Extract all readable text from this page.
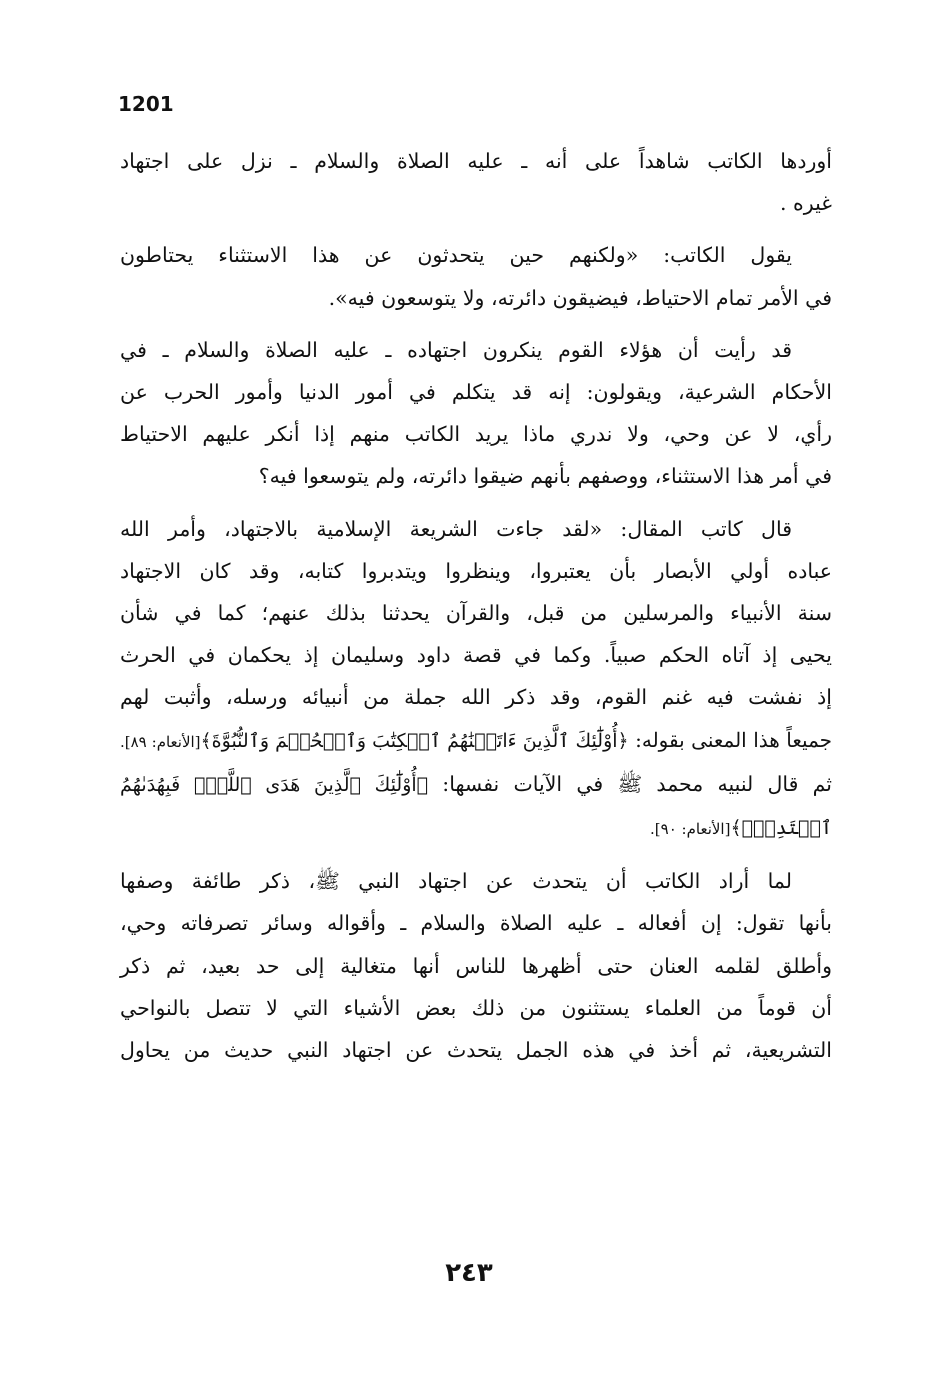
1201
أوردها الكاتب شاهداً على أنه ـ عليه الصلاة والسلام ـ نزل على اجتهاد
غيره .
يقول الكاتب: «ولكنهم حين يتحدثون عن هذا الاستثناء يحتاطون
في الأمر تمام الاحتياط، فيضيقون دائرته، ولا يتوسعون فيه».
قد رأيت أن هؤلاء القوم ينكرون اجتهاده ـ عليه الصلاة والسلام ـ في
الأحكام الشرعية، ويقولون: إنه قد يتكلم في أمور الدنيا وأمور الحرب عن
رأي، لا عن وحي، ولا ندري ماذا يريد الكاتب منهم إذا أنكر عليهم الاحتياط
في أمر هذا الاستثناء، ووصفهم بأنهم ضيقوا دائرته، ولم يتوسعوا فيه؟
قال كاتب المقال: «لقد جاءت الشريعة الإسلامية بالاجتهاد، وأمر الله
عباده أولي الأبصار بأن يعتبروا، وينظروا ويتدبروا كتابه، وقد كان الاجتهاد
سنة الأنبياء والمرسلين من قبل، والقرآن يحدثنا بذلك عنهم؛ كما في شأن
يحيى إذ آتاه الحكم صبياً. وكما في قصة داود وسليمان إذ يحكمان في الحرث
إذ نفشت فيه غنم القوم، وقد ذكر الله جملة من أنبيائه ورسله، وأثبت لهم
جميعاً هذا المعنى بقوله: ﴿أُوْلَٰٓئِكَ ٱلَّذِينَ ءَاتَيۡنَٰهُمُ ٱلۡكِتَٰبَ وَٱلۡحُكۡمَ وَٱلنُّبُوَّةَ﴾[الأنعام: ٨٩].
ثم قال لنبيه محمد ﷺ في الآيات نفسها: ﴿أُوْلَٰٓئِكَ ٱلَّذِينَ هَدَى ٱللَّهُۖ فَبِهُدَىٰهُمُ
ٱقۡتَدِهۡۗ﴾[الأنعام: ٩٠].
لما أراد الكاتب أن يتحدث عن اجتهاد النبي ﷺ، ذكر طائفة وصفها
بأنها تقول: إن أفعاله ـ عليه الصلاة والسلام ـ وأقواله وسائر تصرفاته وحي،
وأطلق لقلمه العنان حتى أظهرها للناس أنها متغالية إلى حد بعيد، ثم ذكر
أن قوماً من العلماء يستثنون من ذلك بعض الأشياء التي لا تتصل بالنواحي
التشريعية، ثم أخذ في هذه الجمل يتحدث عن اجتهاد النبي حديث من يحاول
٢٤٣
